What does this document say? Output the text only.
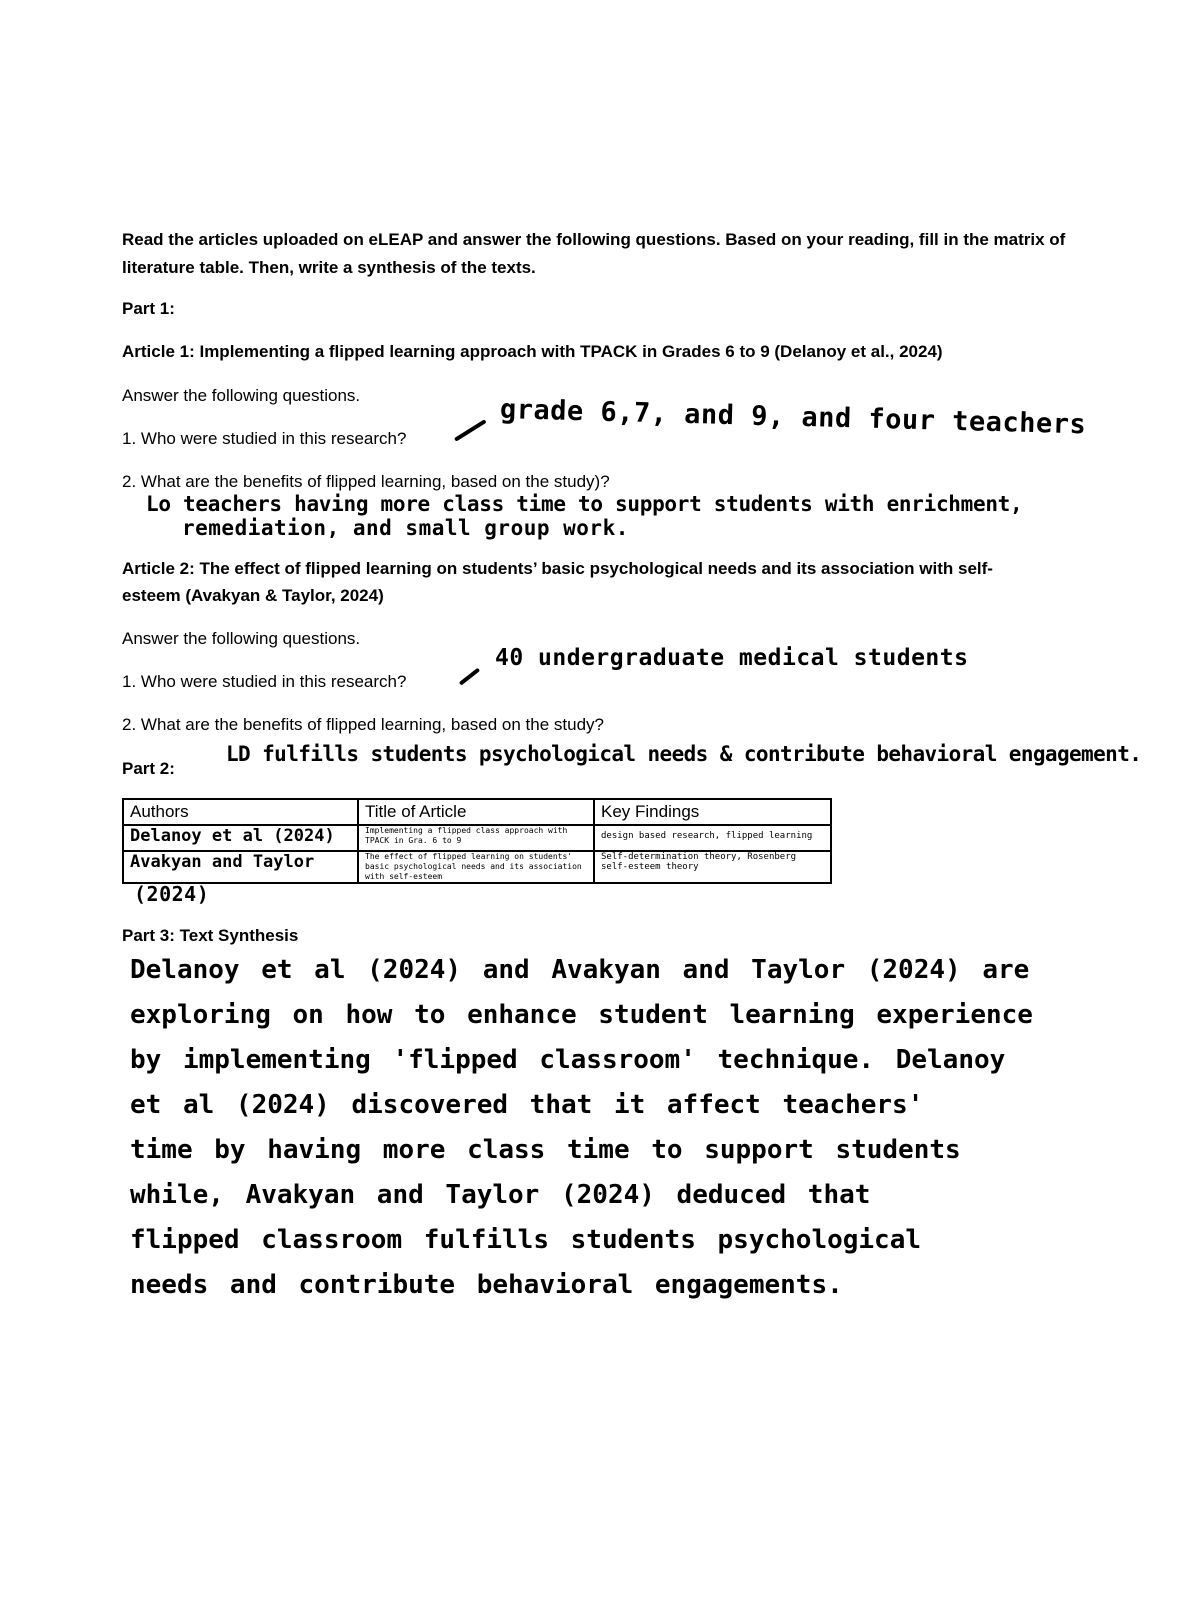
Read the articles uploaded on eLEAP and answer the following questions. Based on your reading, fill in the matrix of literature table. Then, write a synthesis of the texts.
Part 1:
Article 1: Implementing a flipped learning approach with TPACK in Grades 6 to 9 (Delanoy et al., 2024)
Answer the following questions.
1. Who were studied in this research?	grade 6,7, and 9, and four teachers
2. What are the benefits of flipped learning, based on the study)?
Lo teachers having more class time to support students with enrichment,
remediation, and small group work.
Article 2: The effect of flipped learning on students’ basic psychological needs and its association with self-
esteem (Avakyan & Taylor, 2024)
Answer the following questions.
1. Who were studied in this research?
40 undergraduate medical students
2. What are the benefits of flipped learning, based on the study?
LD fulfills students psychological needs & contribute behavioral engagement.
Part 2:
Authors	Title of Article	Key Findings
Delanoy et al (2024)	Implementing a flipped class approach with TPACK in Gra. 6 to 9	design based research, flipped learning

Avakyan and Taylor	The effect of flipped learning on students' basic psychological needs and its association with self-esteem	Self-determination theory, Rosenberg self-esteem theory
(2024)
Part 3: Text Synthesis
Delanoy et al (2024) and Avakyan and Taylor (2024) are
exploring on how to enhance student learning experience
by implementing 'flipped classroom' technique. Delanoy
et al (2024) discovered that it affect teachers'
time by having more class time to support students
while, Avakyan and Taylor (2024) deduced that
flipped classroom fulfills students psychological
needs and contribute behavioral engagements.
